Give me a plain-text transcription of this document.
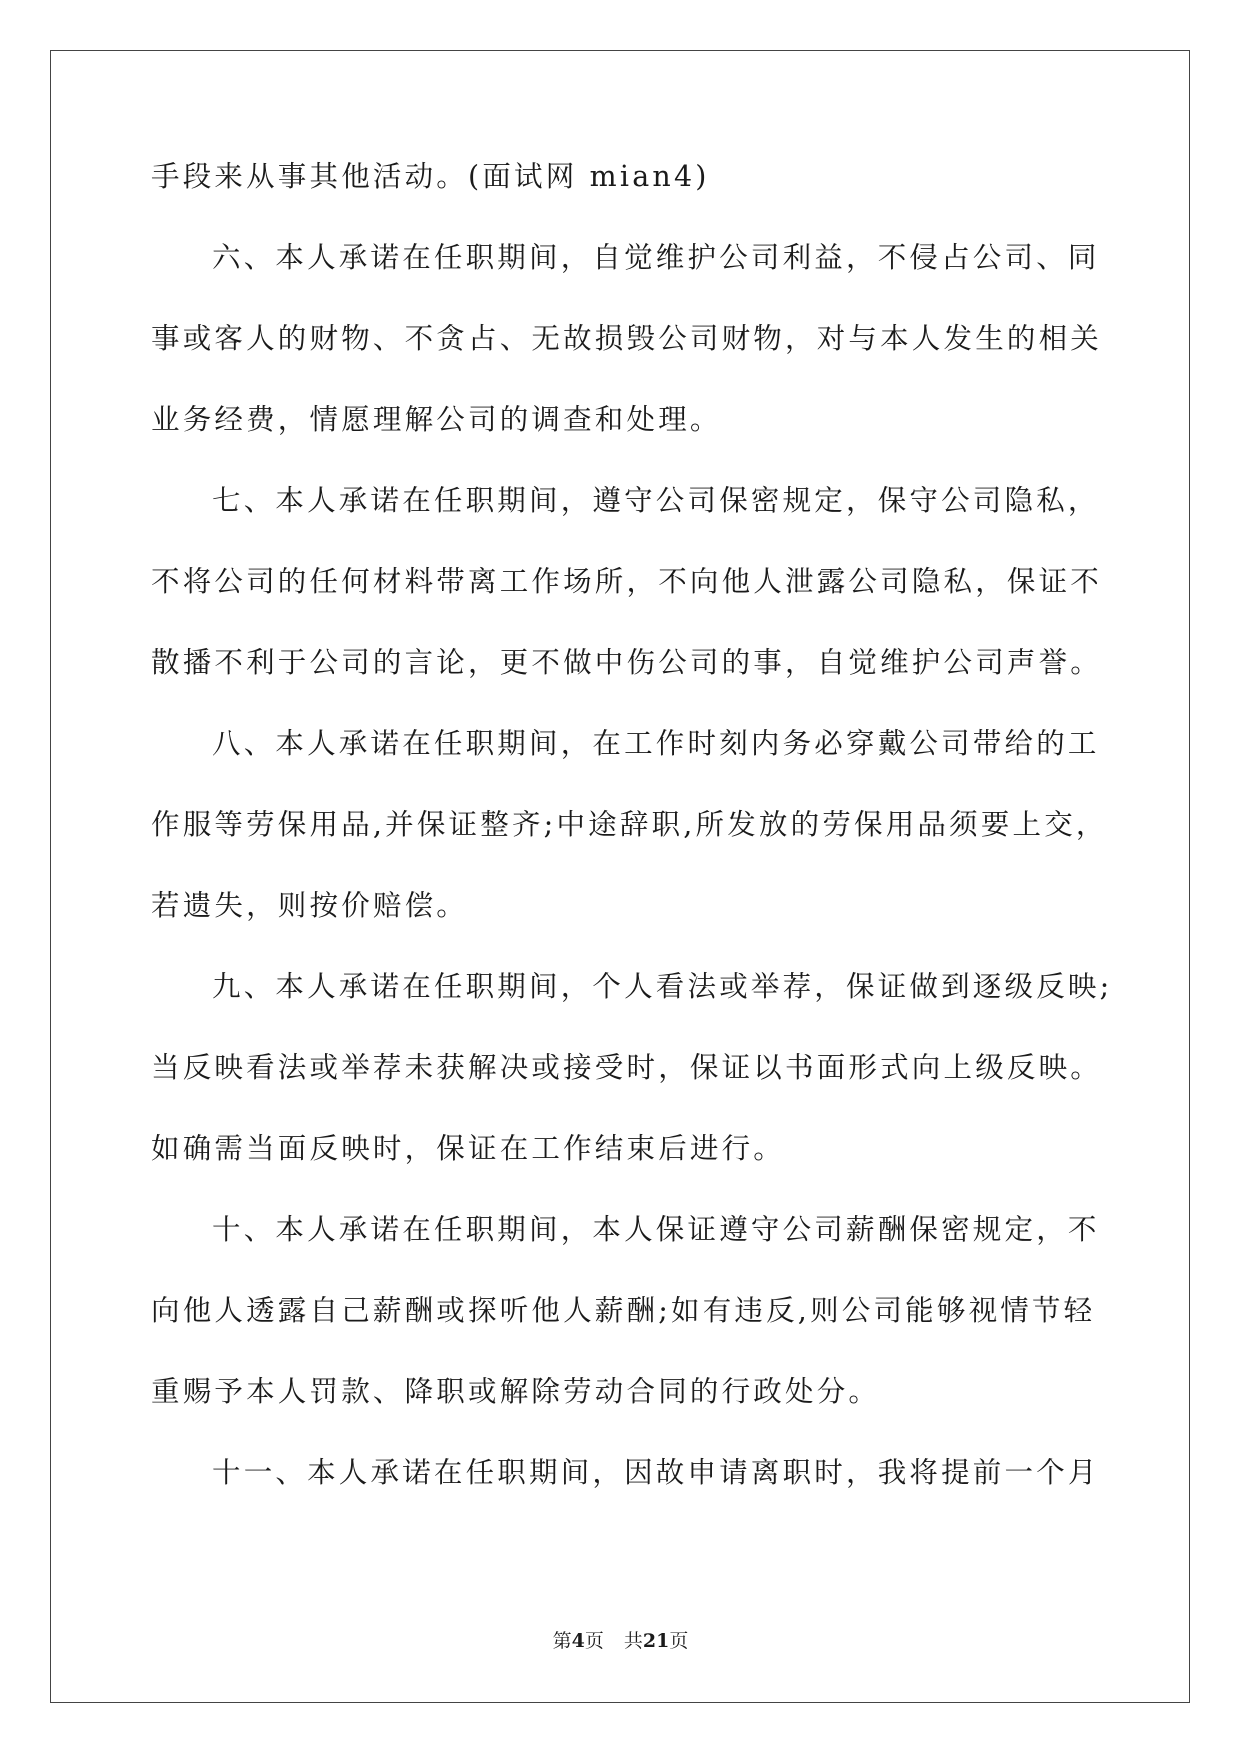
手段来从事其他活动。(面试网 mian4)
六、本人承诺在任职期间，自觉维护公司利益，不侵占公司、同
事或客人的财物、不贪占、无故损毁公司财物，对与本人发生的相关
业务经费，情愿理解公司的调查和处理。
七、本人承诺在任职期间，遵守公司保密规定，保守公司隐私，
不将公司的任何材料带离工作场所，不向他人泄露公司隐私，保证不
散播不利于公司的言论，更不做中伤公司的事，自觉维护公司声誉。
八、本人承诺在任职期间，在工作时刻内务必穿戴公司带给的工
作服等劳保用品,并保证整齐;中途辞职,所发放的劳保用品须要上交，
若遗失，则按价赔偿。
九、本人承诺在任职期间，个人看法或举荐，保证做到逐级反映;
当反映看法或举荐未获解决或接受时，保证以书面形式向上级反映。
如确需当面反映时，保证在工作结束后进行。
十、本人承诺在任职期间，本人保证遵守公司薪酬保密规定，不
向他人透露自己薪酬或探听他人薪酬;如有违反,则公司能够视情节轻
重赐予本人罚款、降职或解除劳动合同的行政处分。
十一、本人承诺在任职期间，因故申请离职时，我将提前一个月
第4页 共21页
